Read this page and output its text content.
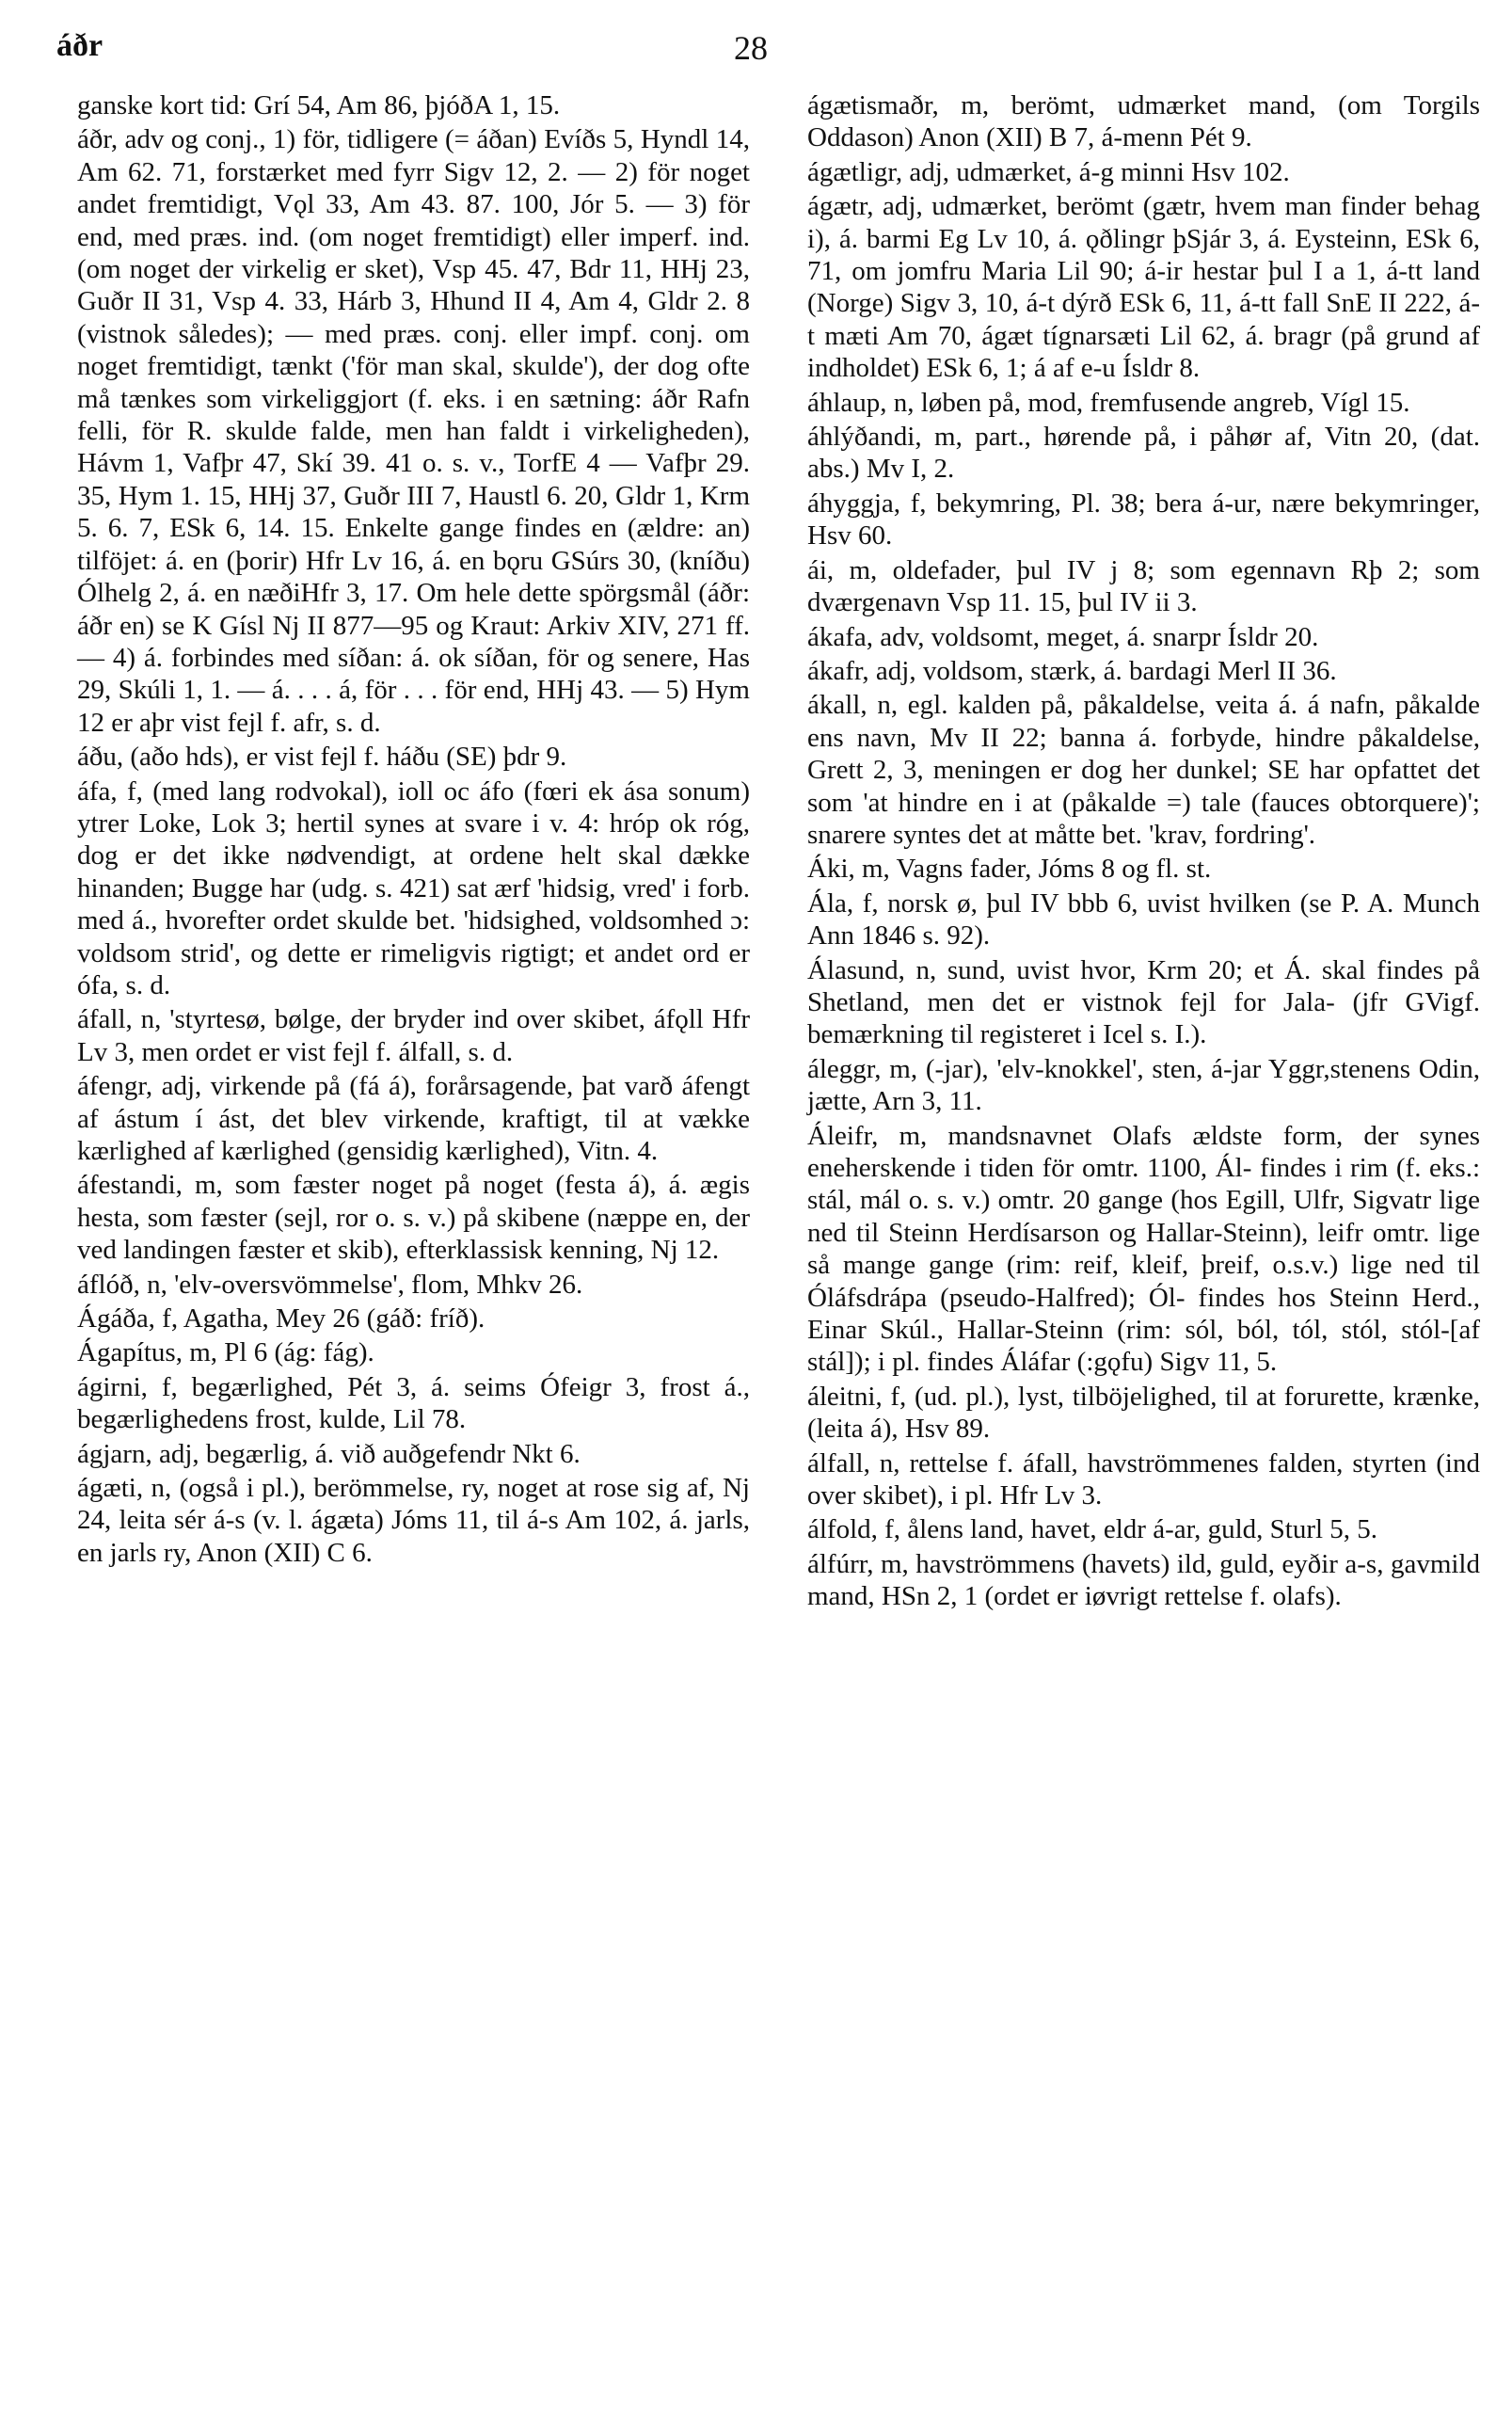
áðr	28

ganske kort tid: Grí 54, Am 86, þjóðA 1, 15.

áðr, adv og conj., 1) för, tidligere (= áðan) Evíðs 5, Hyndl 14, Am 62. 71, forstærket med fyrr Sigv 12, 2. — 2) för noget andet fremtidigt, Vǫl 33, Am 43. 87. 100, Jór 5. — 3) för end, med præs. ind. (om noget fremtidigt) eller imperf. ind. (om noget der virkelig er sket), Vsp 45. 47, Bdr 11, HHj 23, Guðr II 31, Vsp 4. 33, Hárb 3, Hhund II 4, Am 4, Gldr 2. 8 (vistnok således); — med præs. conj. eller impf. conj. om noget fremtidigt, tænkt ('för man skal, skulde'), der dog ofte må tænkes som virkeliggjort (f. eks. i en sætning: áðr Rafn felli, för R. skulde falde, men han faldt i virkeligheden), Hávm 1, Vafþr 47, Skí 39. 41 o. s. v., TorfE 4 — Vafþr 29. 35, Hym 1. 15, HHj 37, Guðr III 7, Haustl 6. 20, Gldr 1, Krm 5. 6. 7, ESk 6, 14. 15. Enkelte gange findes en (ældre: an) tilföjet: á. en (þorir) Hfr Lv 16, á. en bǫru GSúrs 30, (kníðu) Ólhelg 2, á. en næðiHfr 3, 17. Om hele dette spörgsmål (áðr: áðr en) se K Gísl Nj II 877—95 og Kraut: Arkiv XIV, 271 ff. — 4) á. forbindes med síðan: á. ok síðan, för og senere, Has 29, Skúli 1, 1. — á. . . . á, för . . . för end, HHj 43. — 5) Hym 12 er aþr vist fejl f. afr, s. d.

áðu, (aðo hds), er vist fejl f. háðu (SE) þdr 9.

áfa, f, (med lang rodvokal), ioll oc áfo (fœri ek ása sonum) ytrer Loke, Lok 3; hertil synes at svare i v. 4: hróp ok róg, dog er det ikke nødvendigt, at ordene helt skal dække hinanden; Bugge har (udg. s. 421) sat ærf 'hidsig, vred' i forb. med á., hvorefter ordet skulde bet. 'hidsighed, voldsomhed ɔ: voldsom strid', og dette er rimeligvis rigtigt; et andet ord er ófa, s. d.

áfall, n, 'styrtesø, bølge, der bryder ind over skibet, áfǫll Hfr Lv 3, men ordet er vist fejl f. álfall, s. d.

áfengr, adj, virkende på (fá á), forårsagende, þat varð áfengt af ástum í ást, det blev virkende, kraftigt, til at vække kærlighed af kærlighed (gensidig kærlighed), Vitn. 4.

áfestandi, m, som fæster noget på noget (festa á), á. ægis hesta, som fæster (sejl, ror o. s. v.) på skibene (næppe en, der ved landingen fæster et skib), efterklassisk kenning, Nj 12.

áflóð, n, 'elv-oversvömmelse', flom, Mhkv 26.

Ágáða, f, Agatha, Mey 26 (gáð: fríð).

Ágapítus, m, Pl 6 (ág: fág).

ágirni, f, begærlighed, Pét 3, á. seims Ófeigr 3, frost á., begærlighedens frost, kulde, Lil 78.

ágjarn, adj, begærlig, á. við auðgefendr Nkt 6.

ágæti, n, (også i pl.), berömmelse, ry, noget at rose sig af, Nj 24, leita sér á-s (v. l. ágæta) Jóms 11, til á-s Am 102, á. jarls, en jarls ry, Anon (XII) C 6.

ágætismaðr, m, berömt, udmærket mand, (om Torgils Oddason) Anon (XII) B 7, á-menn Pét 9.

ágætligr, adj, udmærket, á-g minni Hsv 102.

ágætr, adj, udmærket, berömt (gætr, hvem man finder behag i), á. barmi Eg Lv 10, á. ǫðlingr þSjár 3, á. Eysteinn, ESk 6, 71, om jomfru Maria Lil 90; á-ir hestar þul I a 1, á-tt land (Norge) Sigv 3, 10, á-t dýrð ESk 6, 11, á-tt fall SnE II 222, á-t mæti Am 70, ágæt tígnarsæti Lil 62, á. bragr (på grund af indholdet) ESk 6, 1; á af e-u Ísldr 8.

áhlaup, n, løben på, mod, fremfusende angreb, Vígl 15.

áhlýðandi, m, part., hørende på, i påhør af, Vitn 20, (dat. abs.) Mv I, 2.

áhyggja, f, bekymring, Pl. 38; bera á-ur, nære bekymringer, Hsv 60.

ái, m, oldefader, þul IV j 8; som egennavn Rþ 2; som dværgenavn Vsp 11. 15, þul IV ii 3.

ákafa, adv, voldsomt, meget, á. snarpr Ísldr 20.

ákafr, adj, voldsom, stærk, á. bardagi Merl II 36.

ákall, n, egl. kalden på, påkaldelse, veita á. á nafn, påkalde ens navn, Mv II 22; banna á. forbyde, hindre påkaldelse, Grett 2, 3, meningen er dog her dunkel; SE har opfattet det som 'at hindre en i at (påkalde =) tale (fauces obtorquere)'; snarere syntes det at måtte bet. 'krav, fordring'.

Áki, m, Vagns fader, Jóms 8 og fl. st.

Ála, f, norsk ø, þul IV bbb 6, uvist hvilken (se P. A. Munch Ann 1846 s. 92).

Álasund, n, sund, uvist hvor, Krm 20; et Á. skal findes på Shetland, men det er vistnok fejl for Jala- (jfr GVigf. bemærkning til registeret i Icel s. I.).

áleggr, m, (-jar), 'elv-knokkel', sten, á-jar Yggr,stenens Odin, jætte, Arn 3, 11.

Áleifr, m, mandsnavnet Olafs ældste form, der synes eneherskende i tiden för omtr. 1100, Ál- findes i rim (f. eks.: stál, mál o. s. v.) omtr. 20 gange (hos Egill, Ulfr, Sigvatr lige ned til Steinn Herdísarson og Hallar-Steinn), leifr omtr. lige så mange gange (rim: reif, kleif, þreif, o.s.v.) lige ned til Óláfsdrápa (pseudo-Halfred); Ól- findes hos Steinn Herd., Einar Skúl., Hallar-Steinn (rim: sól, ból, tól, stól, stól-[af stál]); i pl. findes Áláfar (:gǫfu) Sigv 11, 5.

áleitni, f, (ud. pl.), lyst, tilböjelighed, til at forurette, krænke, (leita á), Hsv 89.

álfall, n, rettelse f. áfall, havströmmenes falden, styrten (ind over skibet), i pl. Hfr Lv 3.

álfold, f, ålens land, havet, eldr á-ar, guld, Sturl 5, 5.

álfúrr, m, havströmmens (havets) ild, guld, eyðir a-s, gavmild mand, HSn 2, 1 (ordet er iøvrigt rettelse f. olafs).
